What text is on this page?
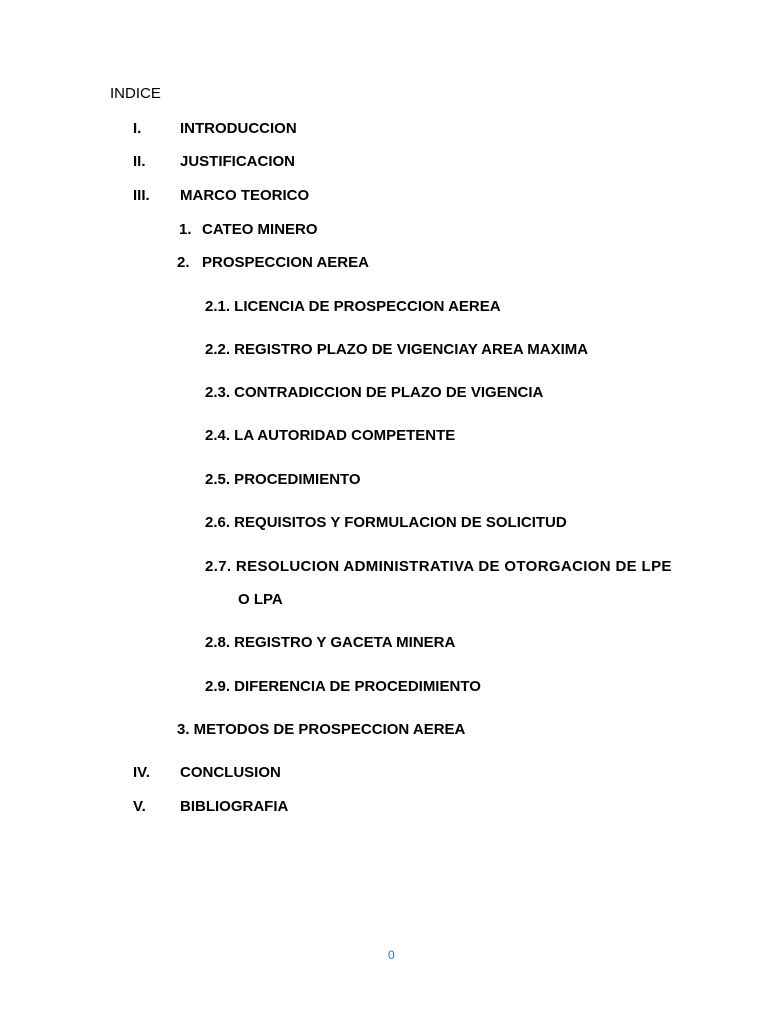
INDICE
I.	INTRODUCCION
II. JUSTIFICACION
III. MARCO TEORICO
1. CATEO MINERO
2. PROSPECCION AEREA
2.1. LICENCIA DE PROSPECCION AEREA
2.2. REGISTRO PLAZO DE VIGENCIAY AREA MAXIMA
2.3. CONTRADICCION DE PLAZO DE VIGENCIA
2.4. LA AUTORIDAD COMPETENTE
2.5. PROCEDIMIENTO
2.6. REQUISITOS Y FORMULACION DE SOLICITUD
2.7. RESOLUCION ADMINISTRATIVA DE OTORGACION DE LPE
O LPA
2.8. REGISTRO Y GACETA MINERA
2.9. DIFERENCIA DE PROCEDIMIENTO
3. METODOS DE PROSPECCION AEREA
IV. CONCLUSION
V. BIBLIOGRAFIA
0
